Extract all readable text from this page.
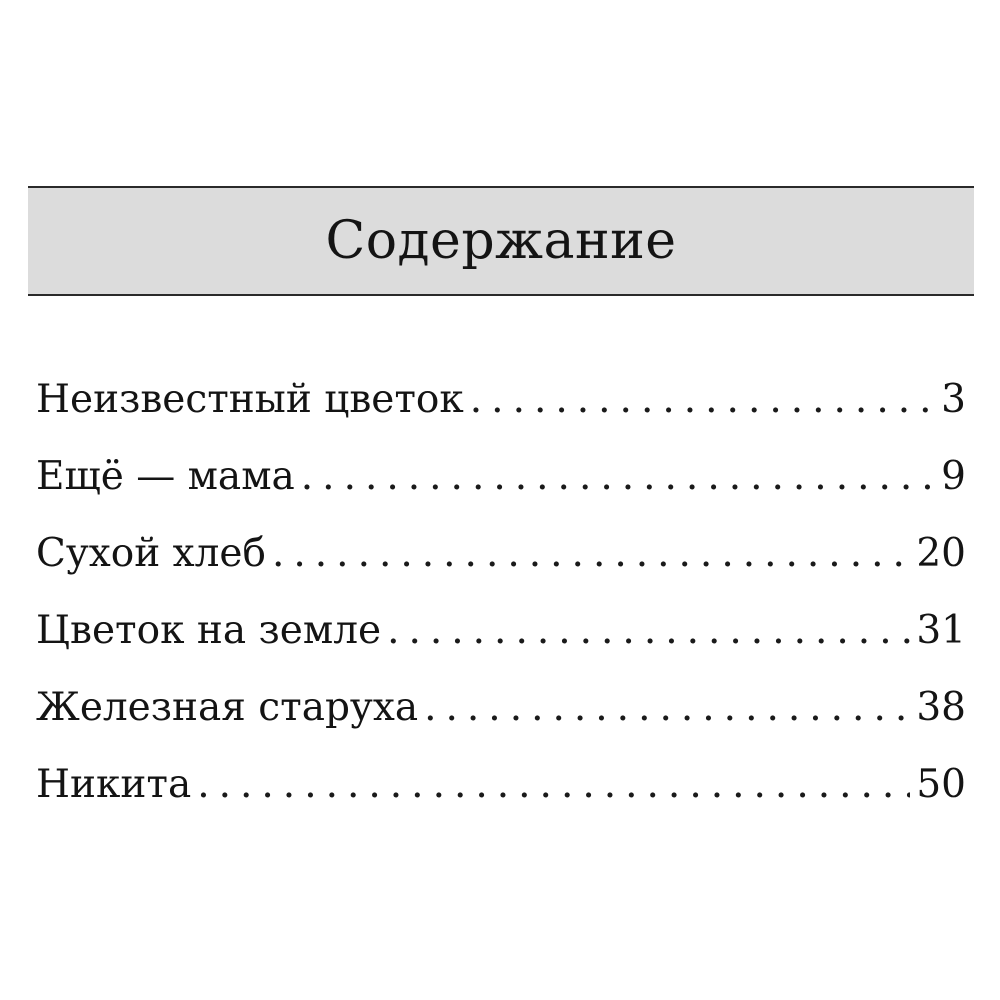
Содержание
Неизвестный цветок .....	3
Ещё — мама .....	9
Сухой хлеб .....	20
Цветок на земле .....	31
Железная старуха .....	38
Никита .....	50
